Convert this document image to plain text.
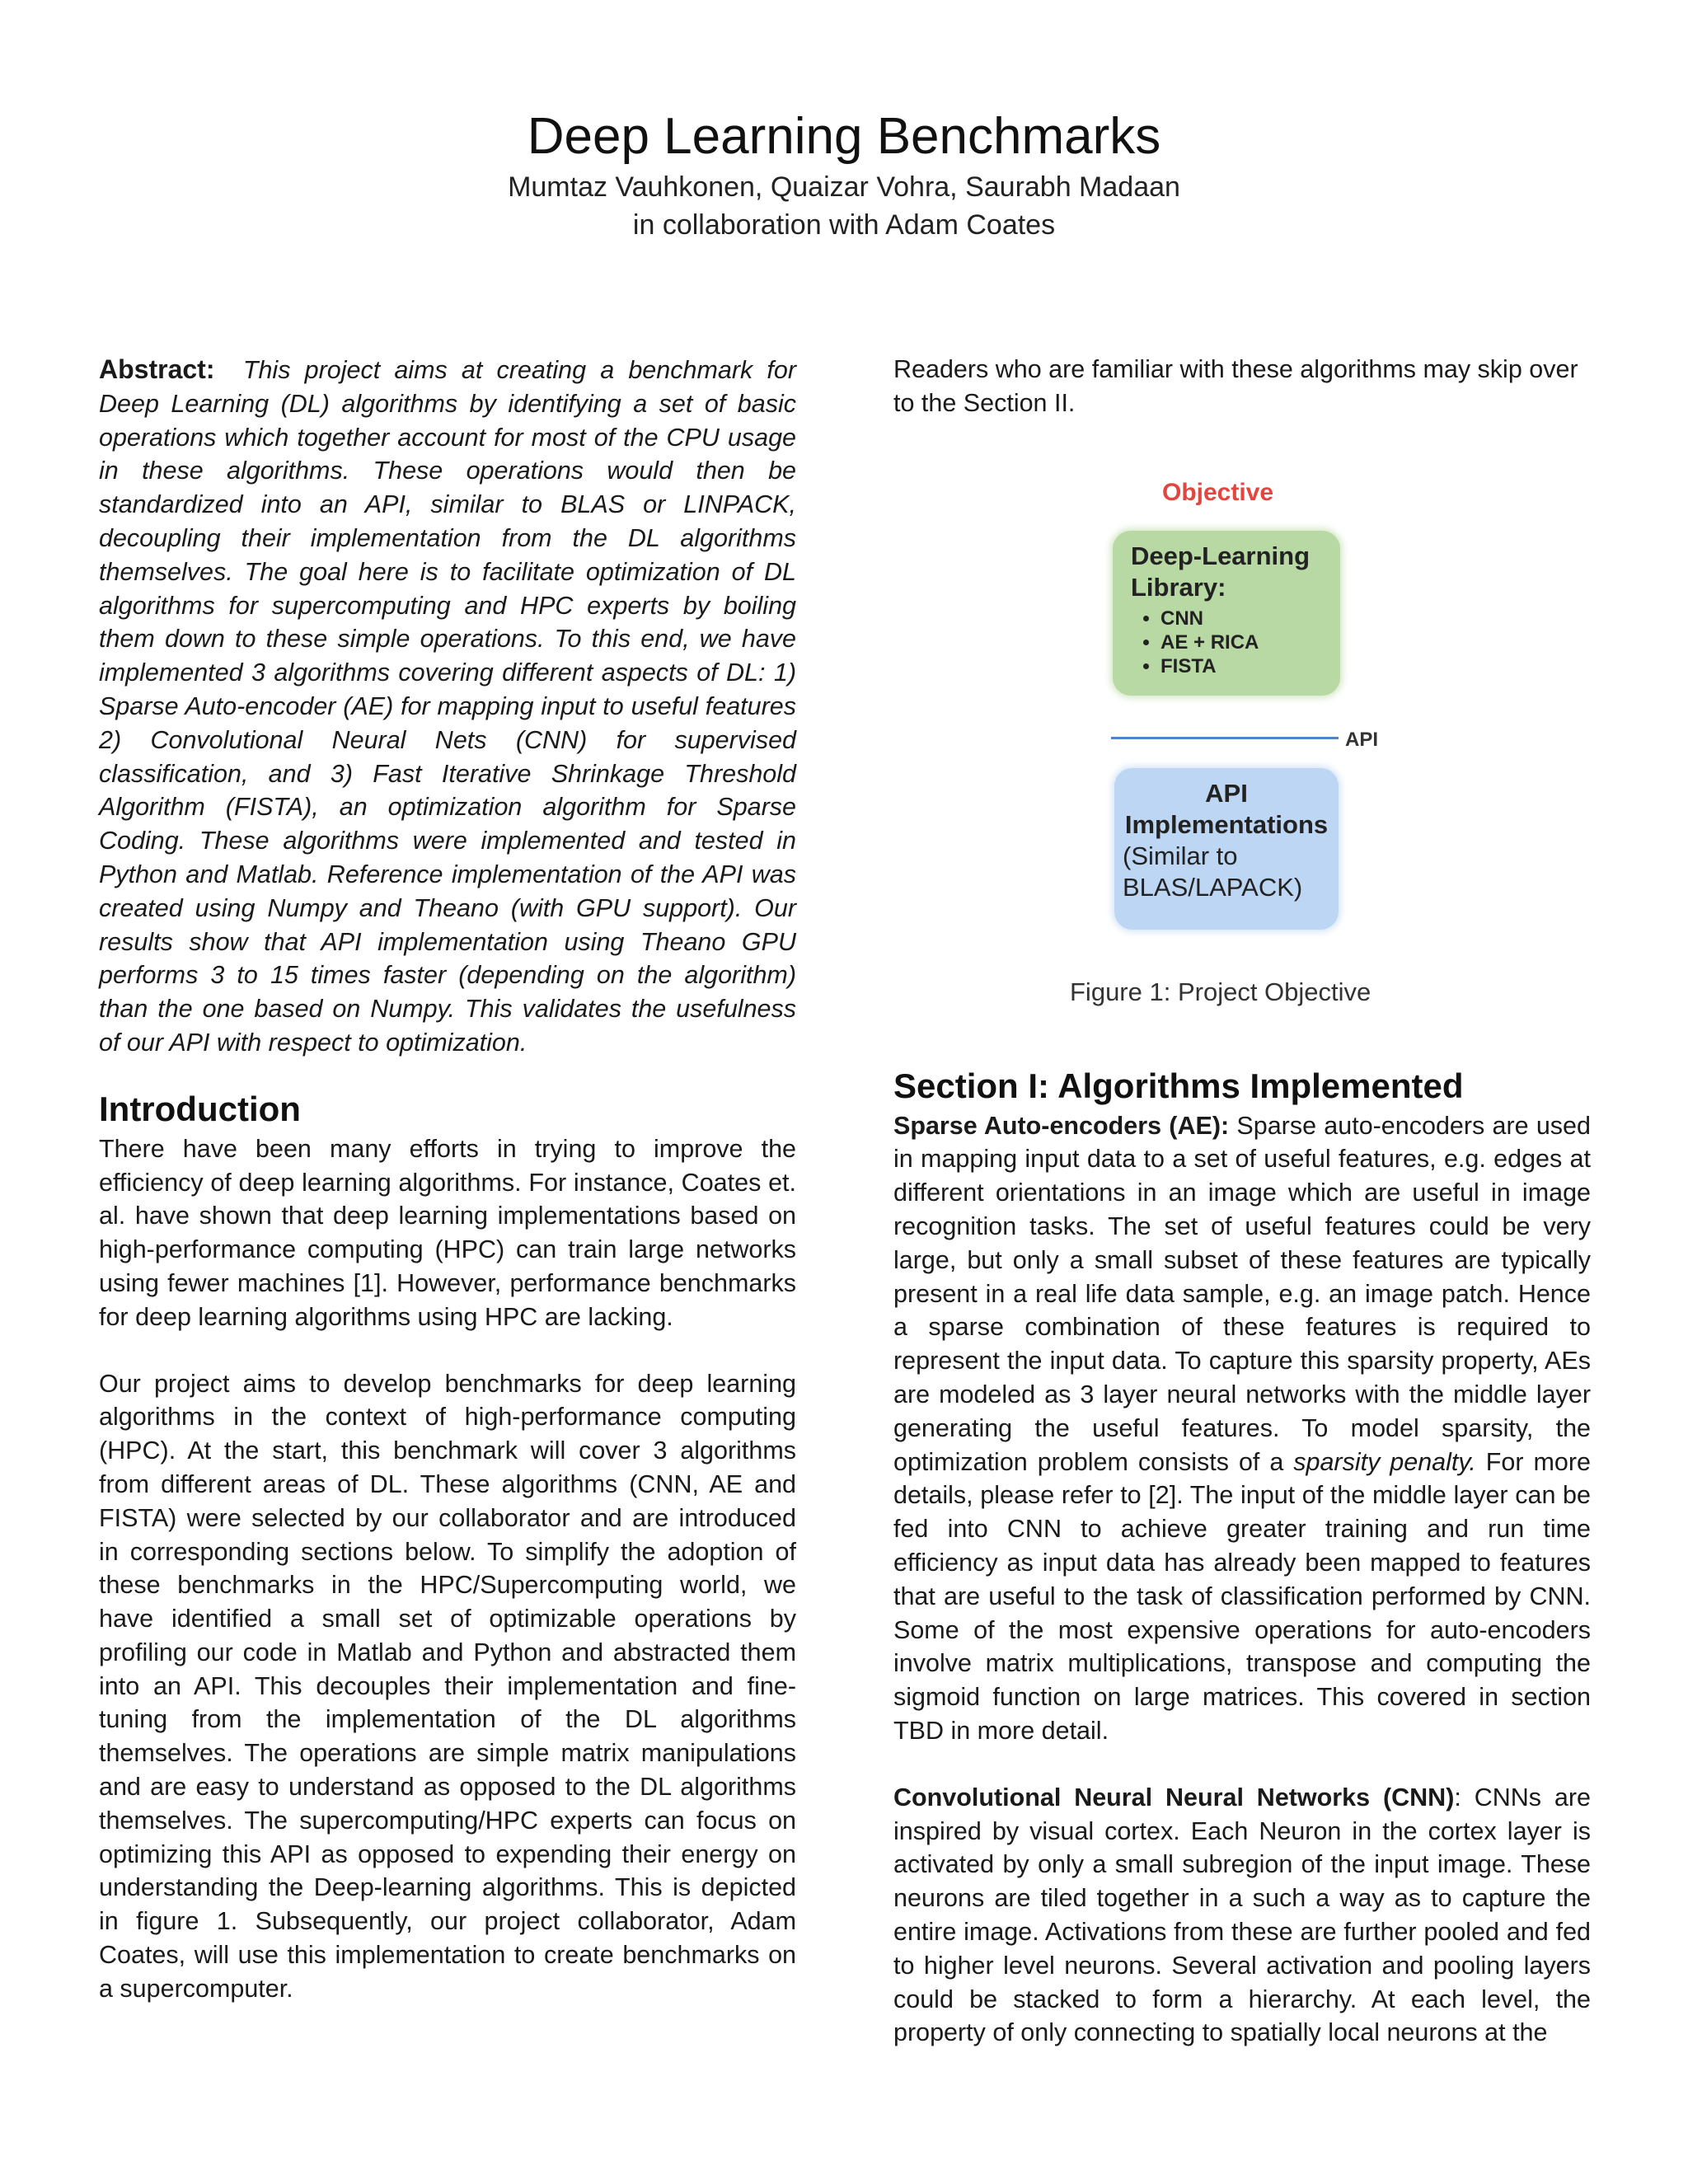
Deep Learning Benchmarks
Mumtaz Vauhkonen, Quaizar Vohra, Saurabh Madaan
in collaboration with Adam Coates

Abstract: This project aims at creating a benchmark for Deep Learning (DL) algorithms by identifying a set of basic operations which together account for most of the CPU usage in these algorithms. These operations would then be standardized into an API, similar to BLAS or LINPACK, decoupling their implementation from the DL algorithms themselves. The goal here is to facilitate optimization of DL algorithms for supercomputing and HPC experts by boiling them down to these simple operations. To this end, we have implemented 3 algorithms covering different aspects of DL: 1) Sparse Auto-encoder (AE) for mapping input to useful features 2) Convolutional Neural Nets (CNN) for supervised classification, and 3) Fast Iterative Shrinkage Threshold Algorithm (FISTA), an optimization algorithm for Sparse Coding. These algorithms were implemented and tested in Python and Matlab. Reference implementation of the API was created using Numpy and Theano (with GPU support). Our results show that API implementation using Theano GPU performs 3 to 15 times faster (depending on the algorithm) than the one based on Numpy. This validates the usefulness of our API with respect to optimization.

Introduction

There have been many efforts in trying to improve the efficiency of deep learning algorithms. For instance, Coates et. al. have shown that deep learning implementations based on high-performance computing (HPC) can train large networks using fewer machines [1]. However, performance benchmarks for deep learning algorithms using HPC are lacking.

Our project aims to develop benchmarks for deep learning algorithms in the context of high-performance computing (HPC). At the start, this benchmark will cover 3 algorithms from different areas of DL. These algorithms (CNN, AE and FISTA) were selected by our collaborator and are introduced in corresponding sections below. To simplify the adoption of these benchmarks in the HPC/Supercomputing world, we have identified a small set of optimizable operations by profiling our code in Matlab and Python and abstracted them into an API. This decouples their implementation and fine-tuning from the implementation of the DL algorithms themselves. The operations are simple matrix manipulations and are easy to understand as opposed to the DL algorithms themselves. The supercomputing/HPC experts can focus on optimizing this API as opposed to expending their energy on understanding the Deep-learning algorithms. This is depicted in figure 1. Subsequently, our project collaborator, Adam Coates, will use this implementation to create benchmarks on a supercomputer.

Readers who are familiar with these algorithms may skip over to the Section II.

Objective
Deep-Learning Library:
• CNN
• AE + RICA
• FISTA
API
API
Implementations
(Similar to
BLAS/LAPACK)
Figure 1: Project Objective
Section I: Algorithms Implemented

Sparse Auto-encoders (AE): Sparse auto-encoders are used in mapping input data to a set of useful features, e.g. edges at different orientations in an image which are useful in image recognition tasks. The set of useful features could be very large, but only a small subset of these features are typically present in a real life data sample, e.g. an image patch. Hence a sparse combination of these features is required to represent the input data. To capture this sparsity property, AEs are modeled as 3 layer neural networks with the middle layer generating the useful features. To model sparsity, the optimization problem consists of a sparsity penalty. For more details, please refer to [2]. The input of the middle layer can be fed into CNN to achieve greater training and run time efficiency as input data has already been mapped to features that are useful to the task of classification performed by CNN. Some of the most expensive operations for auto-encoders involve matrix multiplications, transpose and computing the sigmoid function on large matrices. This covered in section TBD in more detail.

Convolutional Neural Neural Networks (CNN): CNNs are inspired by visual cortex. Each Neuron in the cortex layer is activated by only a small subregion of the input image. These neurons are tiled together in a such a way as to capture the entire image. Activations from these are further pooled and fed to higher level neurons. Several activation and pooling layers could be stacked to form a hierarchy. At each level, the property of only connecting to spatially local neurons at the
